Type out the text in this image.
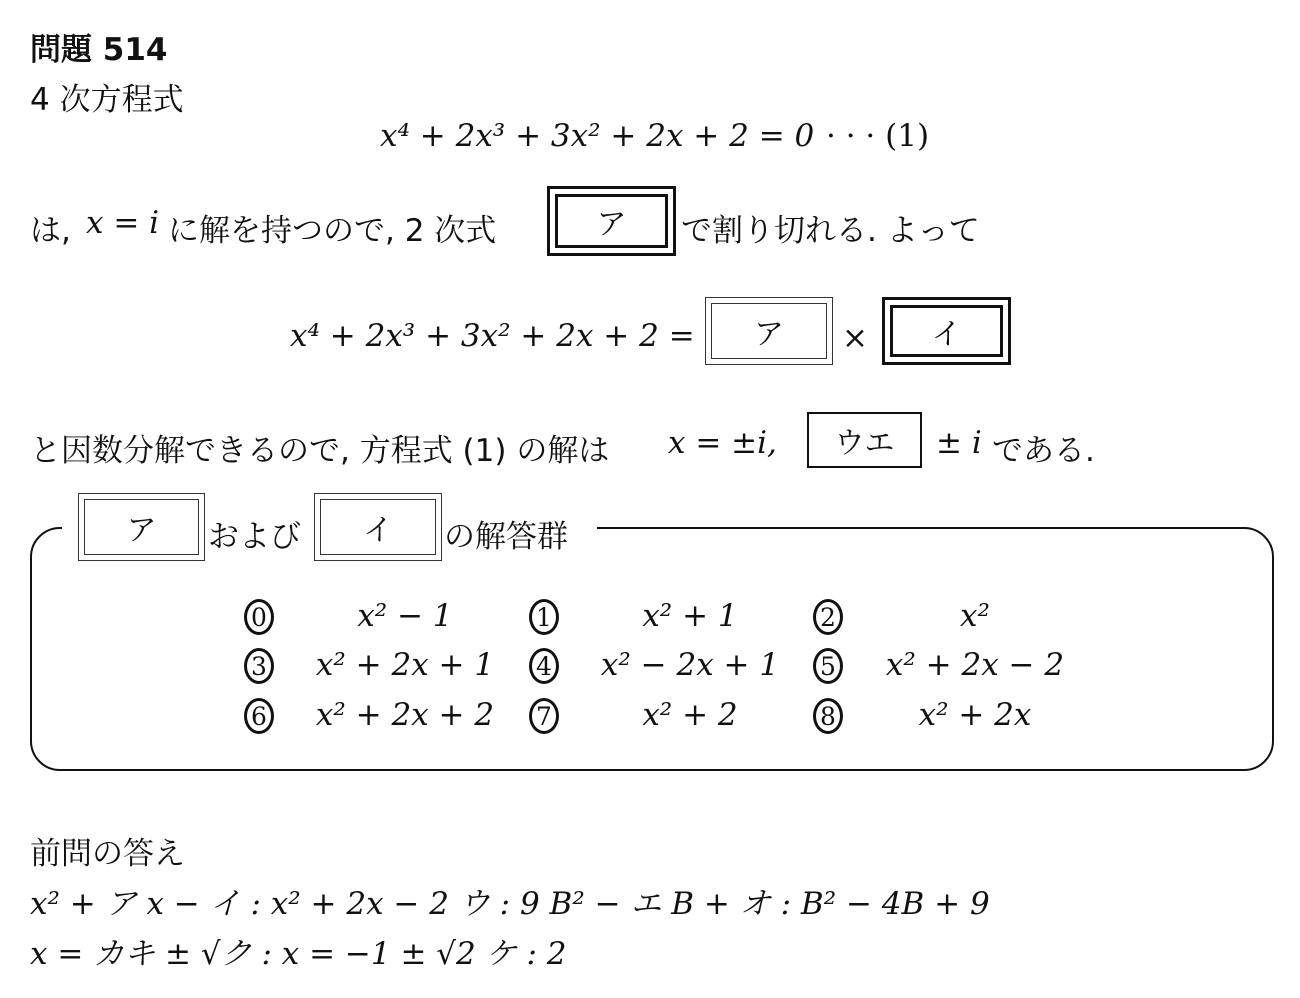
問題 514
4 次方程式
x⁴ + 2x³ + 3x² + 2x + 2 = 0 · · · (1)
は, x = i に解を持つので, 2 次式	ア	で割り切れる. よって
x⁴ + 2x³ + 3x² + 2x + 2 =	ア	×	イ
と因数分解できるので, 方程式 (1) の解は x = ±i,	ウエ	± i である.
ア	および	イ	の解答群
0	x² − 1	1	x² + 1	2	x²
3	x² + 2x + 1	4	x² − 2x + 1	5	x² + 2x − 2
6	x² + 2x + 2	7	x² + 2	8	x² + 2x
前問の答え
x² + ア x − イ : x² + 2x − 2 ウ : 9 B² − エ B + オ : B² − 4B + 9
x = カキ ± √ク : x = −1 ± √2 ケ : 2
